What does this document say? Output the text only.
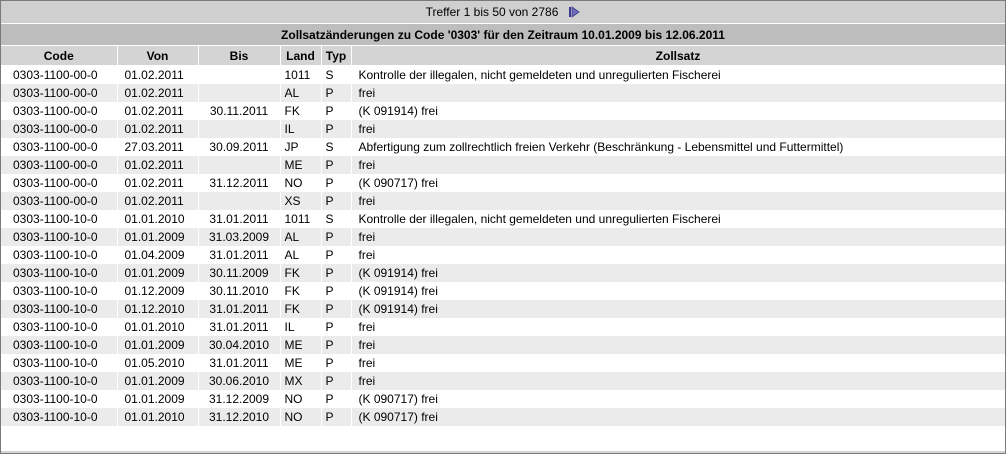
Treffer 1 bis 50 von 2786
Zollsatzänderungen zu Code '0303' für den Zeitraum 10.01.2009 bis 12.06.2011
Code	Von	Bis	Land	Typ	Zollsatz
0303-1100-00-0	01.02.2011		1011	S	Kontrolle der illegalen, nicht gemeldeten und unregulierten Fischerei
0303-1100-00-0	01.02.2011		AL	P	frei
0303-1100-00-0	01.02.2011	30.11.2011	FK	P	(K 091914) frei
0303-1100-00-0	01.02.2011		IL	P	frei
0303-1100-00-0	27.03.2011	30.09.2011	JP	S	Abfertigung zum zollrechtlich freien Verkehr (Beschränkung - Lebensmittel und Futtermittel)
0303-1100-00-0	01.02.2011		ME	P	frei
0303-1100-00-0	01.02.2011	31.12.2011	NO	P	(K 090717) frei
0303-1100-00-0	01.02.2011		XS	P	frei
0303-1100-10-0	01.01.2010	31.01.2011	1011	S	Kontrolle der illegalen, nicht gemeldeten und unregulierten Fischerei
0303-1100-10-0	01.01.2009	31.03.2009	AL	P	frei
0303-1100-10-0	01.04.2009	31.01.2011	AL	P	frei
0303-1100-10-0	01.01.2009	30.11.2009	FK	P	(K 091914) frei
0303-1100-10-0	01.12.2009	30.11.2010	FK	P	(K 091914) frei
0303-1100-10-0	01.12.2010	31.01.2011	FK	P	(K 091914) frei
0303-1100-10-0	01.01.2010	31.01.2011	IL	P	frei
0303-1100-10-0	01.01.2009	30.04.2010	ME	P	frei
0303-1100-10-0	01.05.2010	31.01.2011	ME	P	frei
0303-1100-10-0	01.01.2009	30.06.2010	MX	P	frei
0303-1100-10-0	01.01.2009	31.12.2009	NO	P	(K 090717) frei
0303-1100-10-0	01.01.2010	31.12.2010	NO	P	(K 090717) frei
